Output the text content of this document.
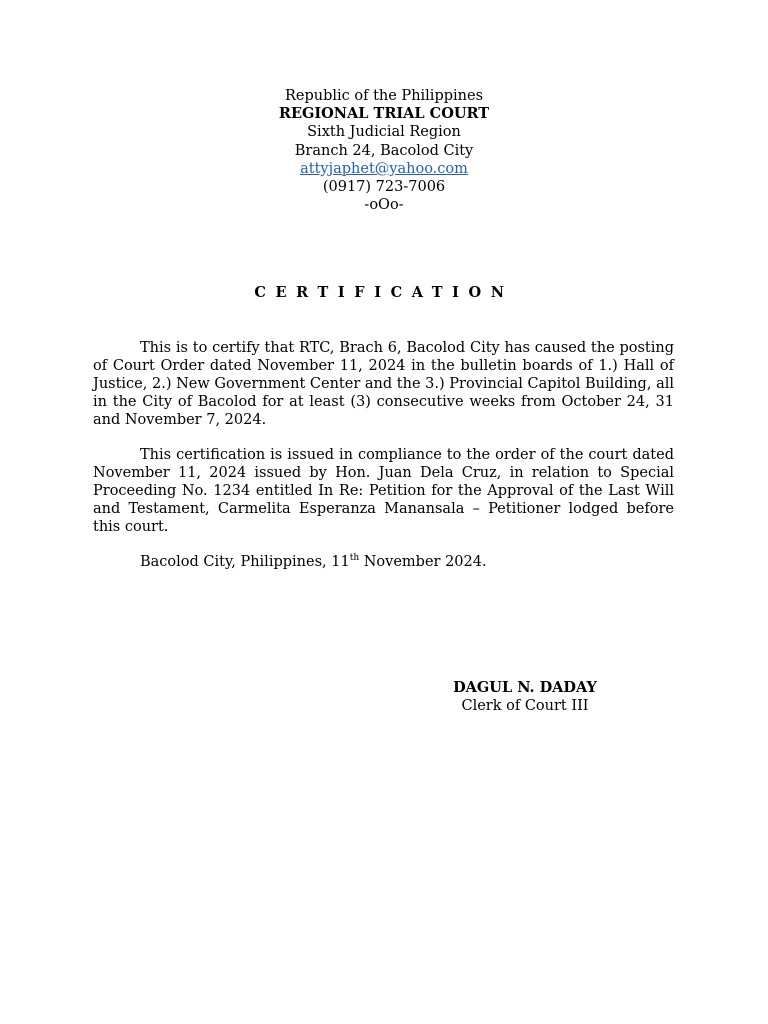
Republic of the Philippines
REGIONAL TRIAL COURT
Sixth Judicial Region
Branch 24, Bacolod City
attyjaphet@yahoo.com
(0917) 723-7006
-oOo-
CERTIFICATION

This is to certify that RTC, Brach 6, Bacolod City has caused the posting of Court Order dated November 11, 2024 in the bulletin boards of 1.) Hall of Justice, 2.) New Government Center and the 3.) Provincial Capitol Building, all in the City of Bacolod for at least (3) consecutive weeks from October 24, 31 and November 7, 2024.

This certification is issued in compliance to the order of the court dated November 11, 2024 issued by Hon. Juan Dela Cruz, in relation to Special Proceeding No. 1234 entitled In Re: Petition for the Approval of the Last Will and Testament, Carmelita Esperanza Manansala – Petitioner lodged before this court.

Bacolod City, Philippines, 11th November 2024.

DAGUL N. DADAY
Clerk of Court III
